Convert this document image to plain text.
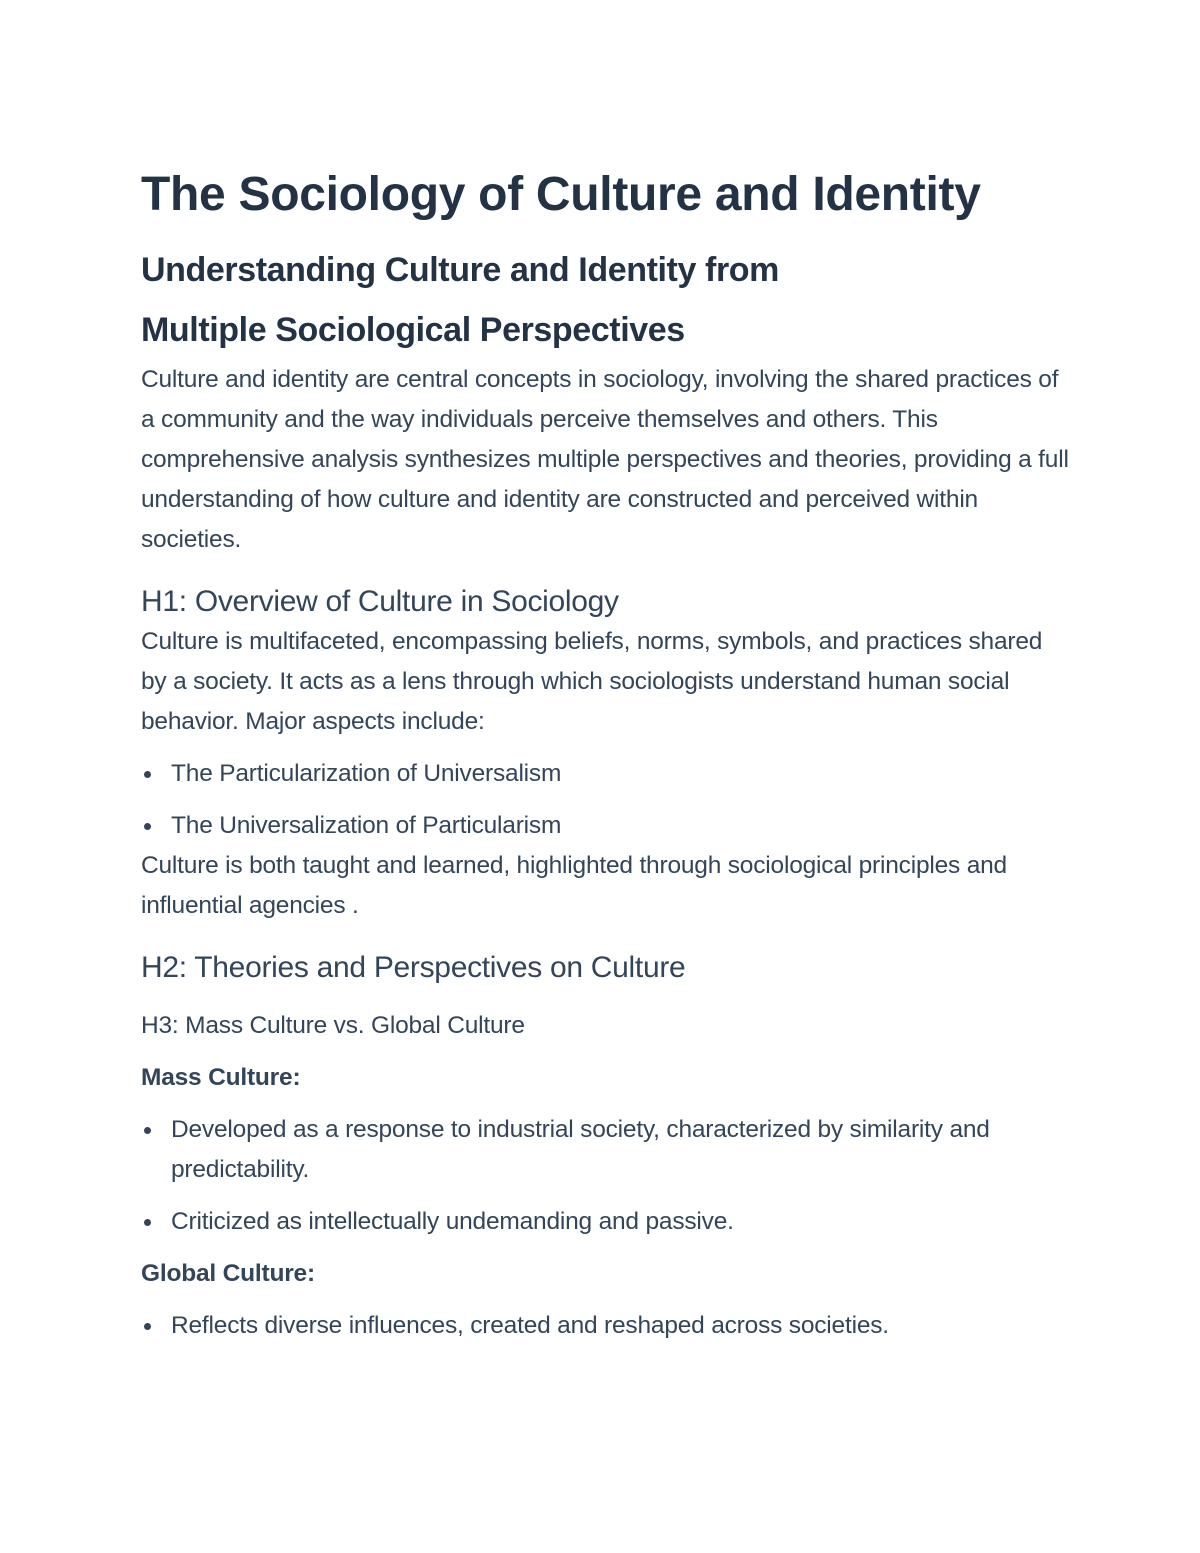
The Sociology of Culture and Identity
Understanding Culture and Identity from
Multiple Sociological Perspectives

Culture and identity are central concepts in sociology, involving the shared practices of a community and the way individuals perceive themselves and others. This comprehensive analysis synthesizes multiple perspectives and theories, providing a full understanding of how culture and identity are constructed and perceived within societies.

H1: Overview of Culture in Sociology

Culture is multifaceted, encompassing beliefs, norms, symbols, and practices shared by a society. It acts as a lens through which sociologists understand human social behavior. Major aspects include:

The Particularization of Universalism
The Universalization of Particularism

Culture is both taught and learned, highlighted through sociological principles and influential agencies .

H2: Theories and Perspectives on Culture
H3: Mass Culture vs. Global Culture
Mass Culture:
Developed as a response to industrial society, characterized by similarity and predictability.
Criticized as intellectually undemanding and passive.
Global Culture:
Reflects diverse influences, created and reshaped across societies.
